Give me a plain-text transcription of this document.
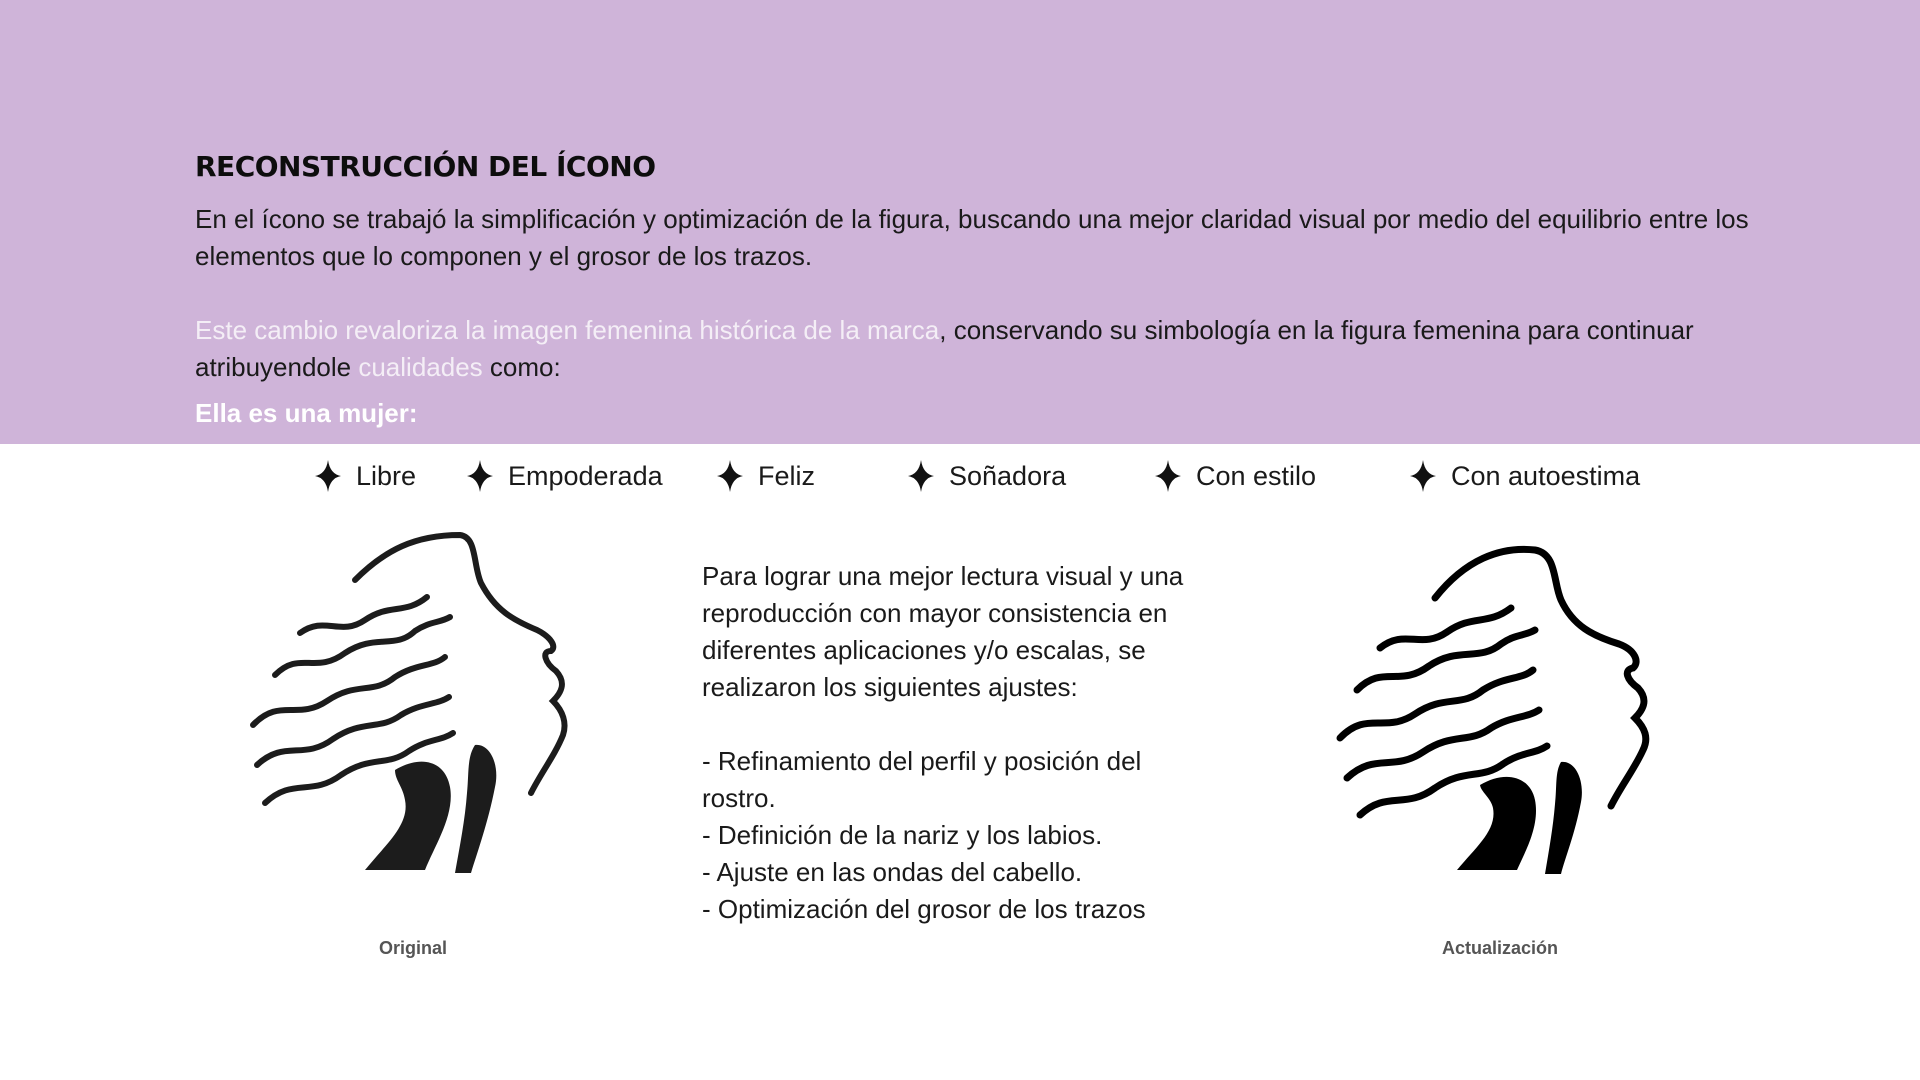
RECONSTRUCCIÓN DEL ÍCONO

En el ícono se trabajó la simplificación y optimización de la figura, buscando una mejor claridad visual por medio del equilibrio entre los elementos que lo componen y el grosor de los trazos.

Este cambio revaloriza la imagen femenina histórica de la marca, conservando su simbología en la figura femenina para continuar atribuyendole cualidades como:

Ella es una mujer:

Libre	Empoderada	Feliz	Soñadora	Con estilo	Con autoestima
Original	Actualización

Para lograr una mejor lectura visual y una reproducción con mayor consistencia en diferentes aplicaciones y/o escalas, se realizaron los siguientes ajustes:

- Refinamiento del perfil y posición del rostro.

- Definición de la nariz y los labios.

- Ajuste en las ondas del cabello.

- Optimización del grosor de los trazos
